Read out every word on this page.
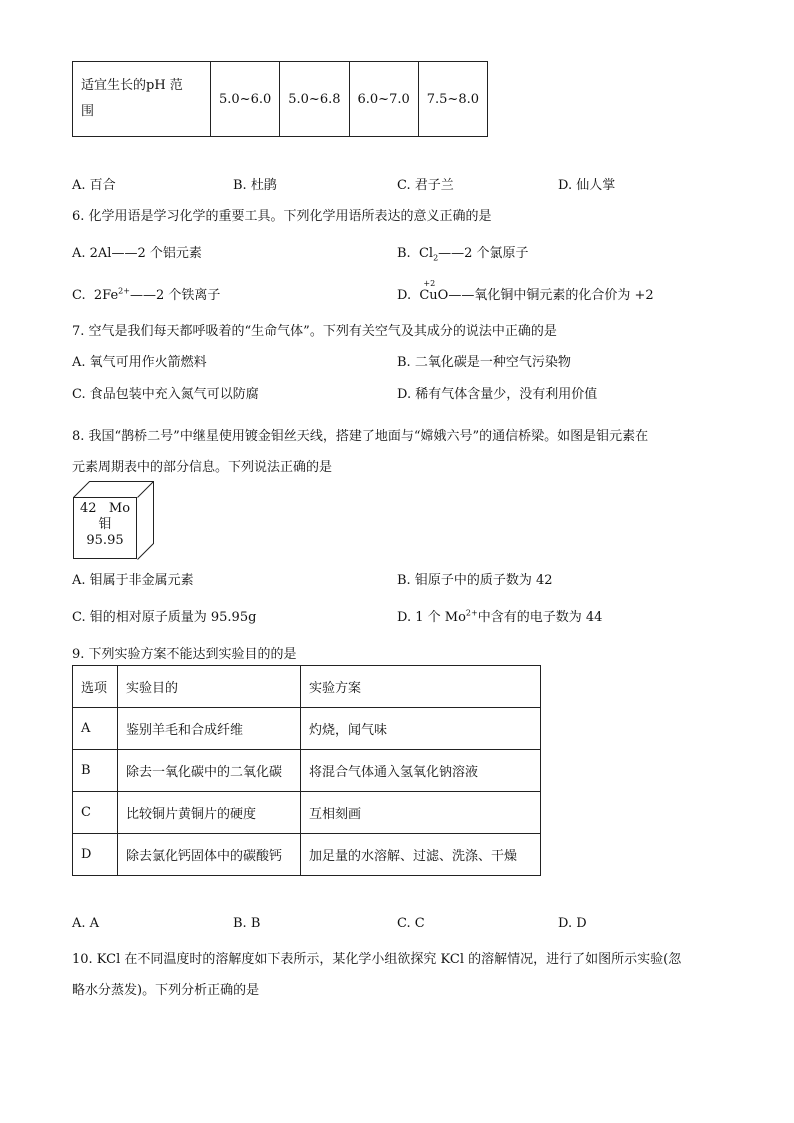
适宜生长的pH 范
围	5.0~6.0	5.0~6.8	6.0~7.0	7.5~8.0
A. 百合	B. 杜鹃	C. 君子兰	D. 仙人掌
6. 化学用语是学习化学的重要工具。下列化学用语所表达的意义正确的是
A. 2Al——2 个铝元素	B. $Cl_2——2$ 个氯原子
C. $2Fe^{2+}——2$ 个铁离子	D.
+2
CuO——氧化铜中铜元素的化合价为 +2
7. 空气是我们每天都呼吸着的“生命气体”。下列有关空气及其成分的说法中正确的是
A. 氧气可用作火箭燃料	B. 二氧化碳是一种空气污染物
C. 食品包装中充入氮气可以防腐	D. 稀有气体含量少，没有利用价值
8. 我国“鹊桥二号”中继星使用镀金钼丝天线，搭建了地面与“嫦娥六号”的通信桥梁。如图是钼元素在
元素周期表中的部分信息。下列说法正确的是
42 Mo
钼
95.95
A. 钼属于非金属元素	B. 钼原子中的质子数为 42
C. 钼的相对原子质量为 95.95g	D. 1 个 $Mo^{2+}$中含有的电子数为 44
9. 下列实验方案不能达到实验目的的是
选项	实验目的	实验方案
A	鉴别羊毛和合成纤维	灼烧，闻气味
B	除去一氧化碳中的二氧化碳	将混合气体通入氢氧化钠溶液
C	比较铜片黄铜片的硬度	互相刻画
D	除去氯化钙固体中的碳酸钙	加足量的水溶解、过滤、洗涤、干燥
A. A	B. B	C. C	D. D
10. KCl 在不同温度时的溶解度如下表所示，某化学小组欲探究 KCl 的溶解情况，进行了如图所示实验(忽
略水分蒸发)。下列分析正确的是
